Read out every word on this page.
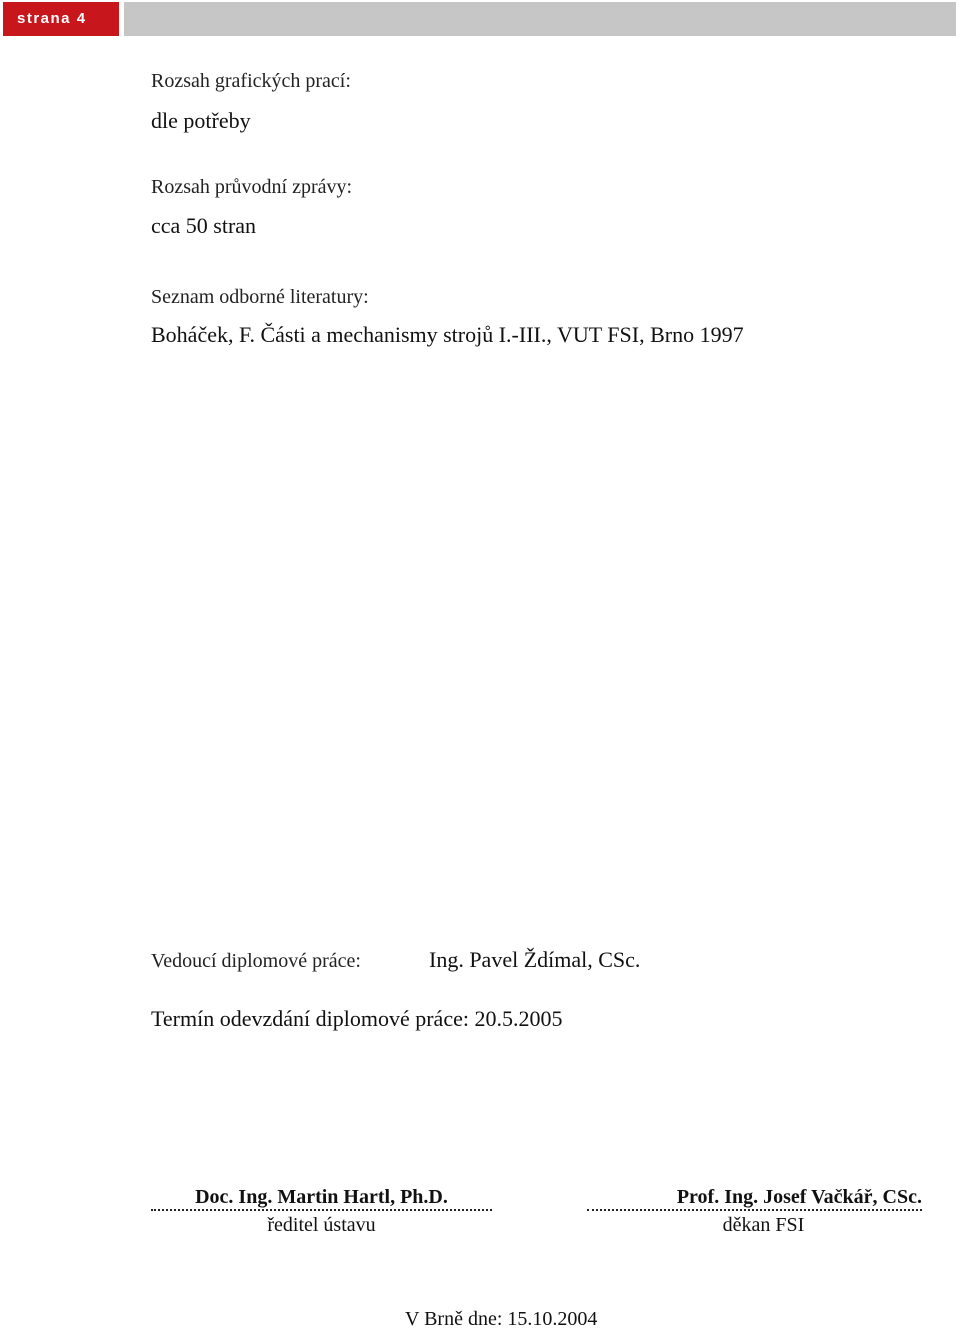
strana 4
Rozsah grafických prací:
dle potřeby
Rozsah průvodní zprávy:
cca 50 stran
Seznam odborné literatury:
Boháček, F. Části a mechanismy strojů I.-III., VUT FSI, Brno 1997
Vedoucí diplomové práce:	Ing. Pavel Ždímal, CSc.
Termín odevzdání diplomové práce: 20.5.2005
Doc. Ing. Martin Hartl, Ph.D.
ředitel ústavu
Prof. Ing. Josef Vačkář, CSc.
děkan FSI
V Brně dne: 15.10.2004
